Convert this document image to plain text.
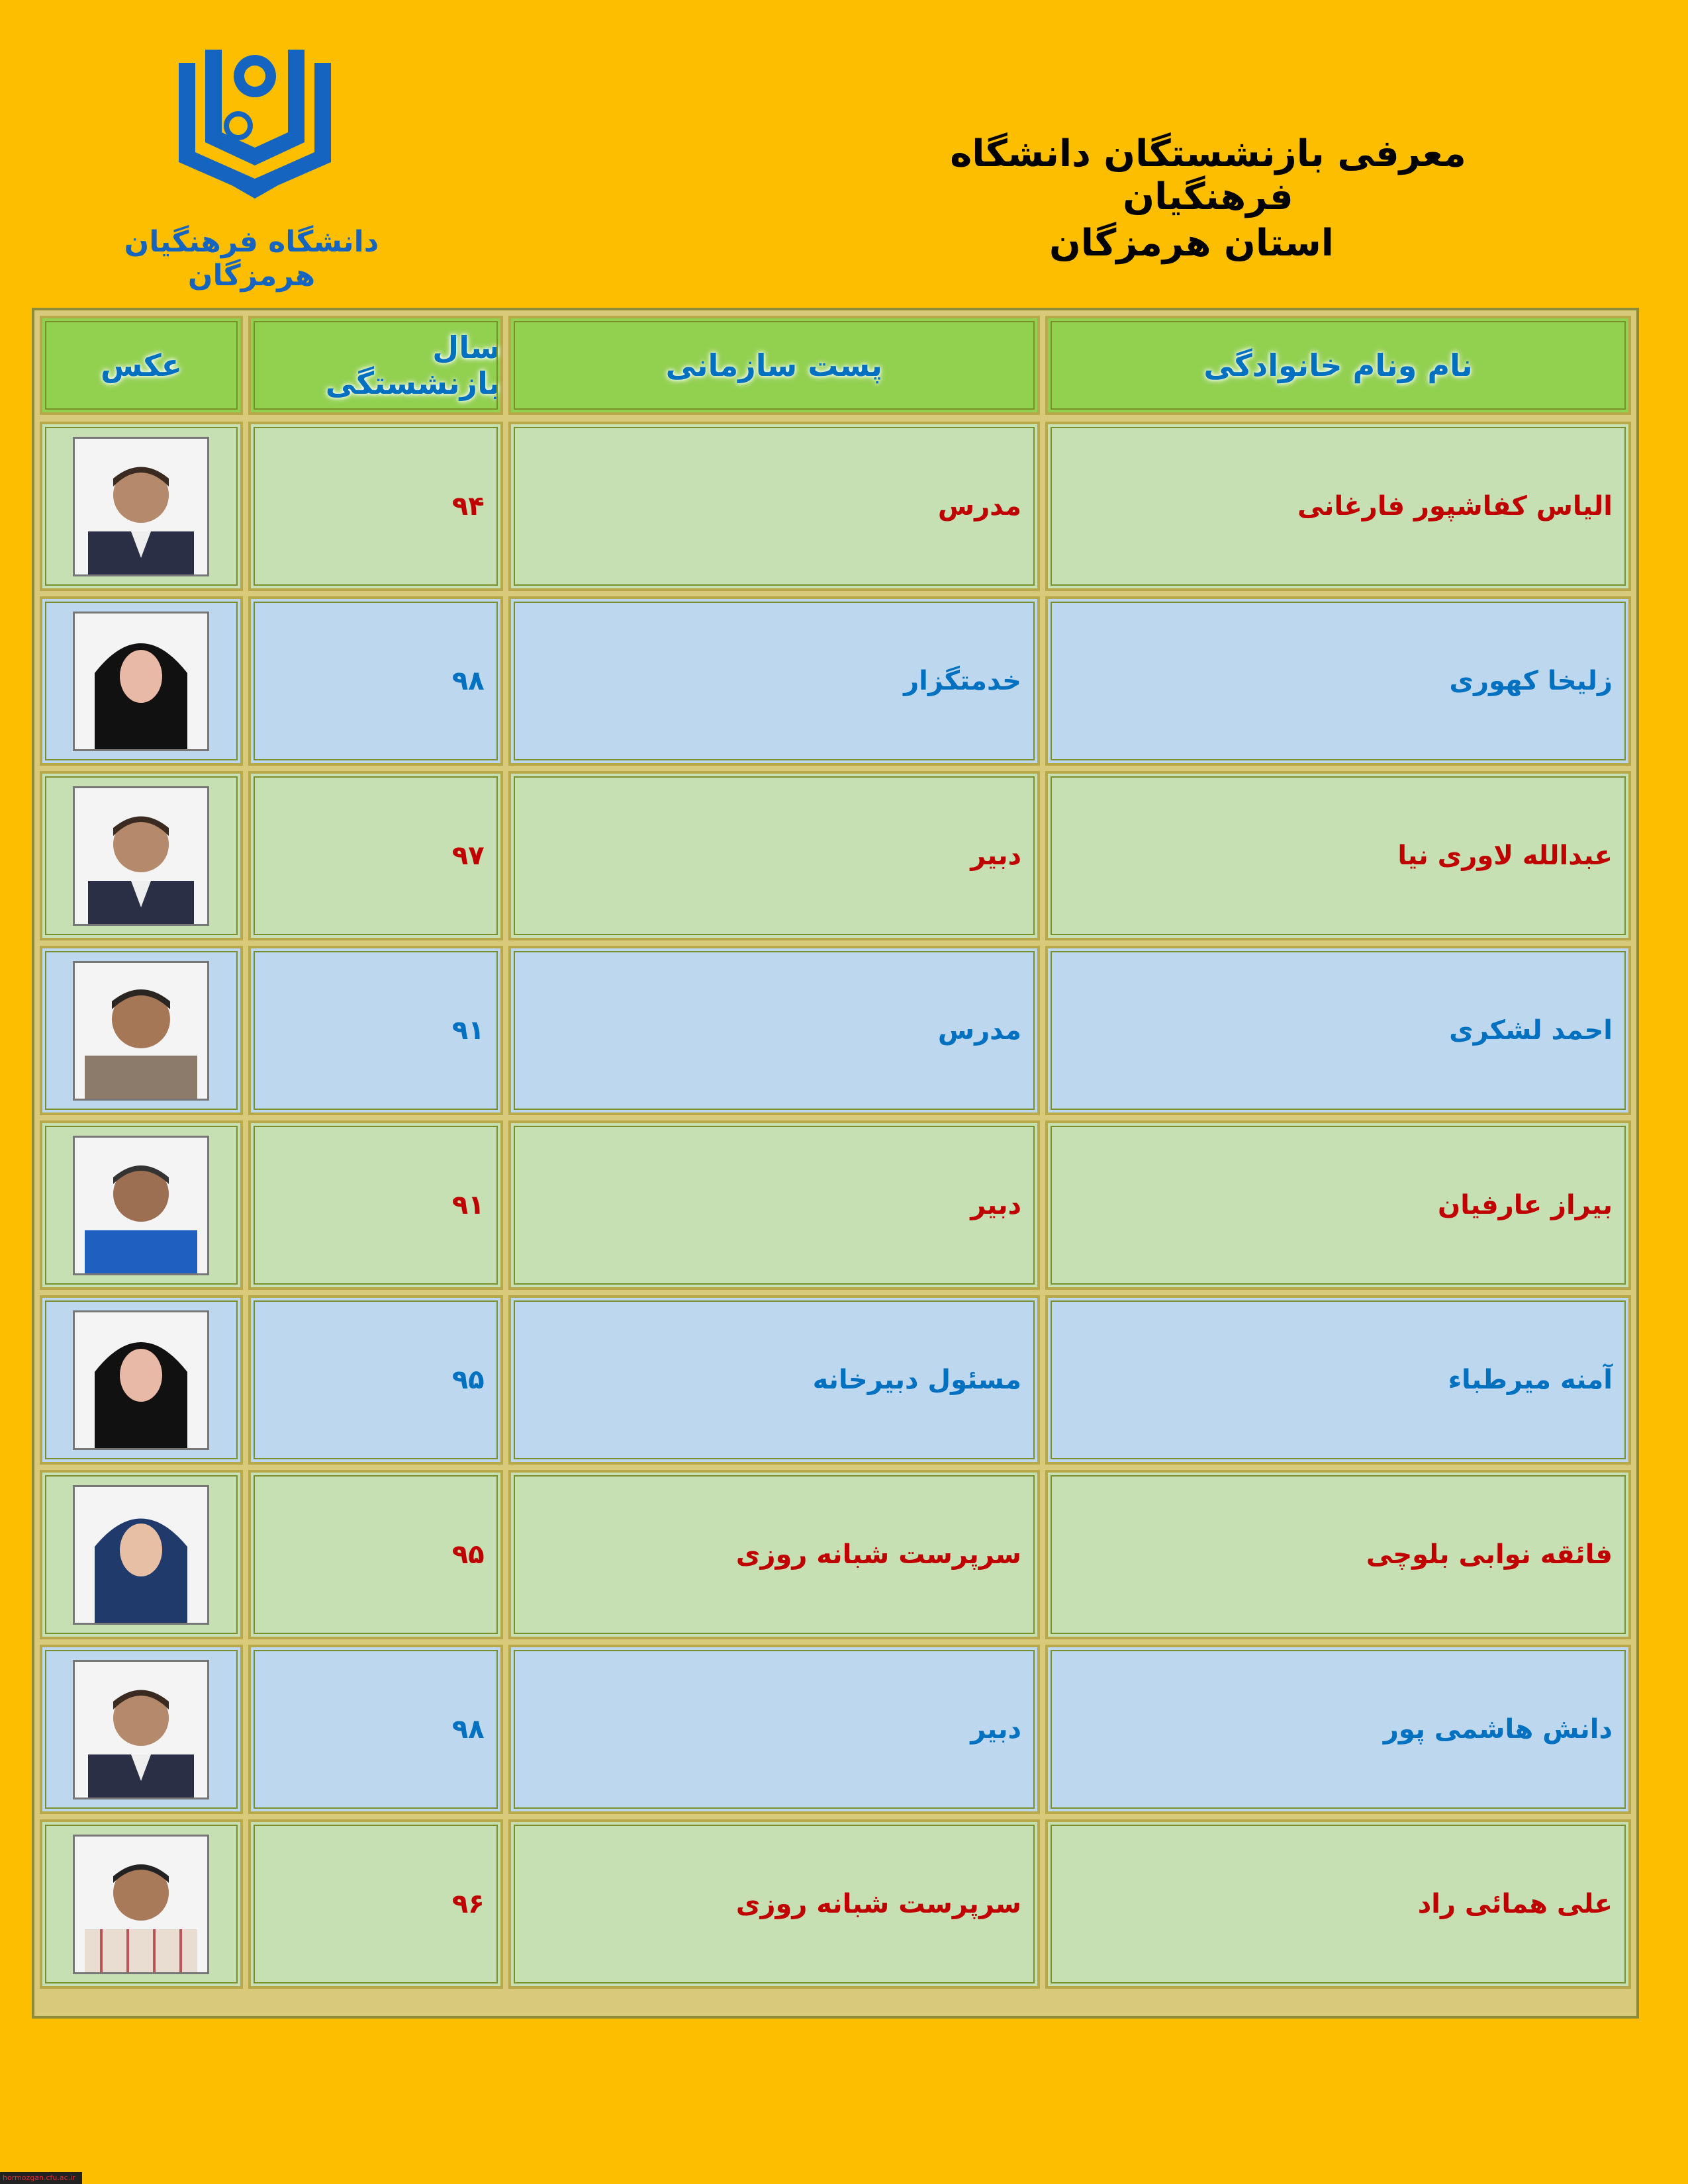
دانشگاه فرهنگیان هرمزگان
معرفی بازنشستگان دانشگاه فرهنگیان
استان هرمزگان
عکس	سال بازنشستگی	پست سازمانی	نام ونام خانوادگی
۹۴	مدرس	الیاس کفاشپور فارغانی
۹۸	خدمتگزار	زلیخا کهوری
۹۷	دبیر	عبدالله لاوری نیا
۹۱	مدرس	احمد لشکری
۹۱	دبیر	بیراز عارفیان
۹۵	مسئول دبیرخانه	آمنه میرطباء
۹۵	سرپرست شبانه روزی	فائقه نوابی بلوچی
۹۸	دبیر	دانش هاشمی پور
۹۶	سرپرست شبانه روزی	علی همائی راد
hormozgan.cfu.ac.ir
